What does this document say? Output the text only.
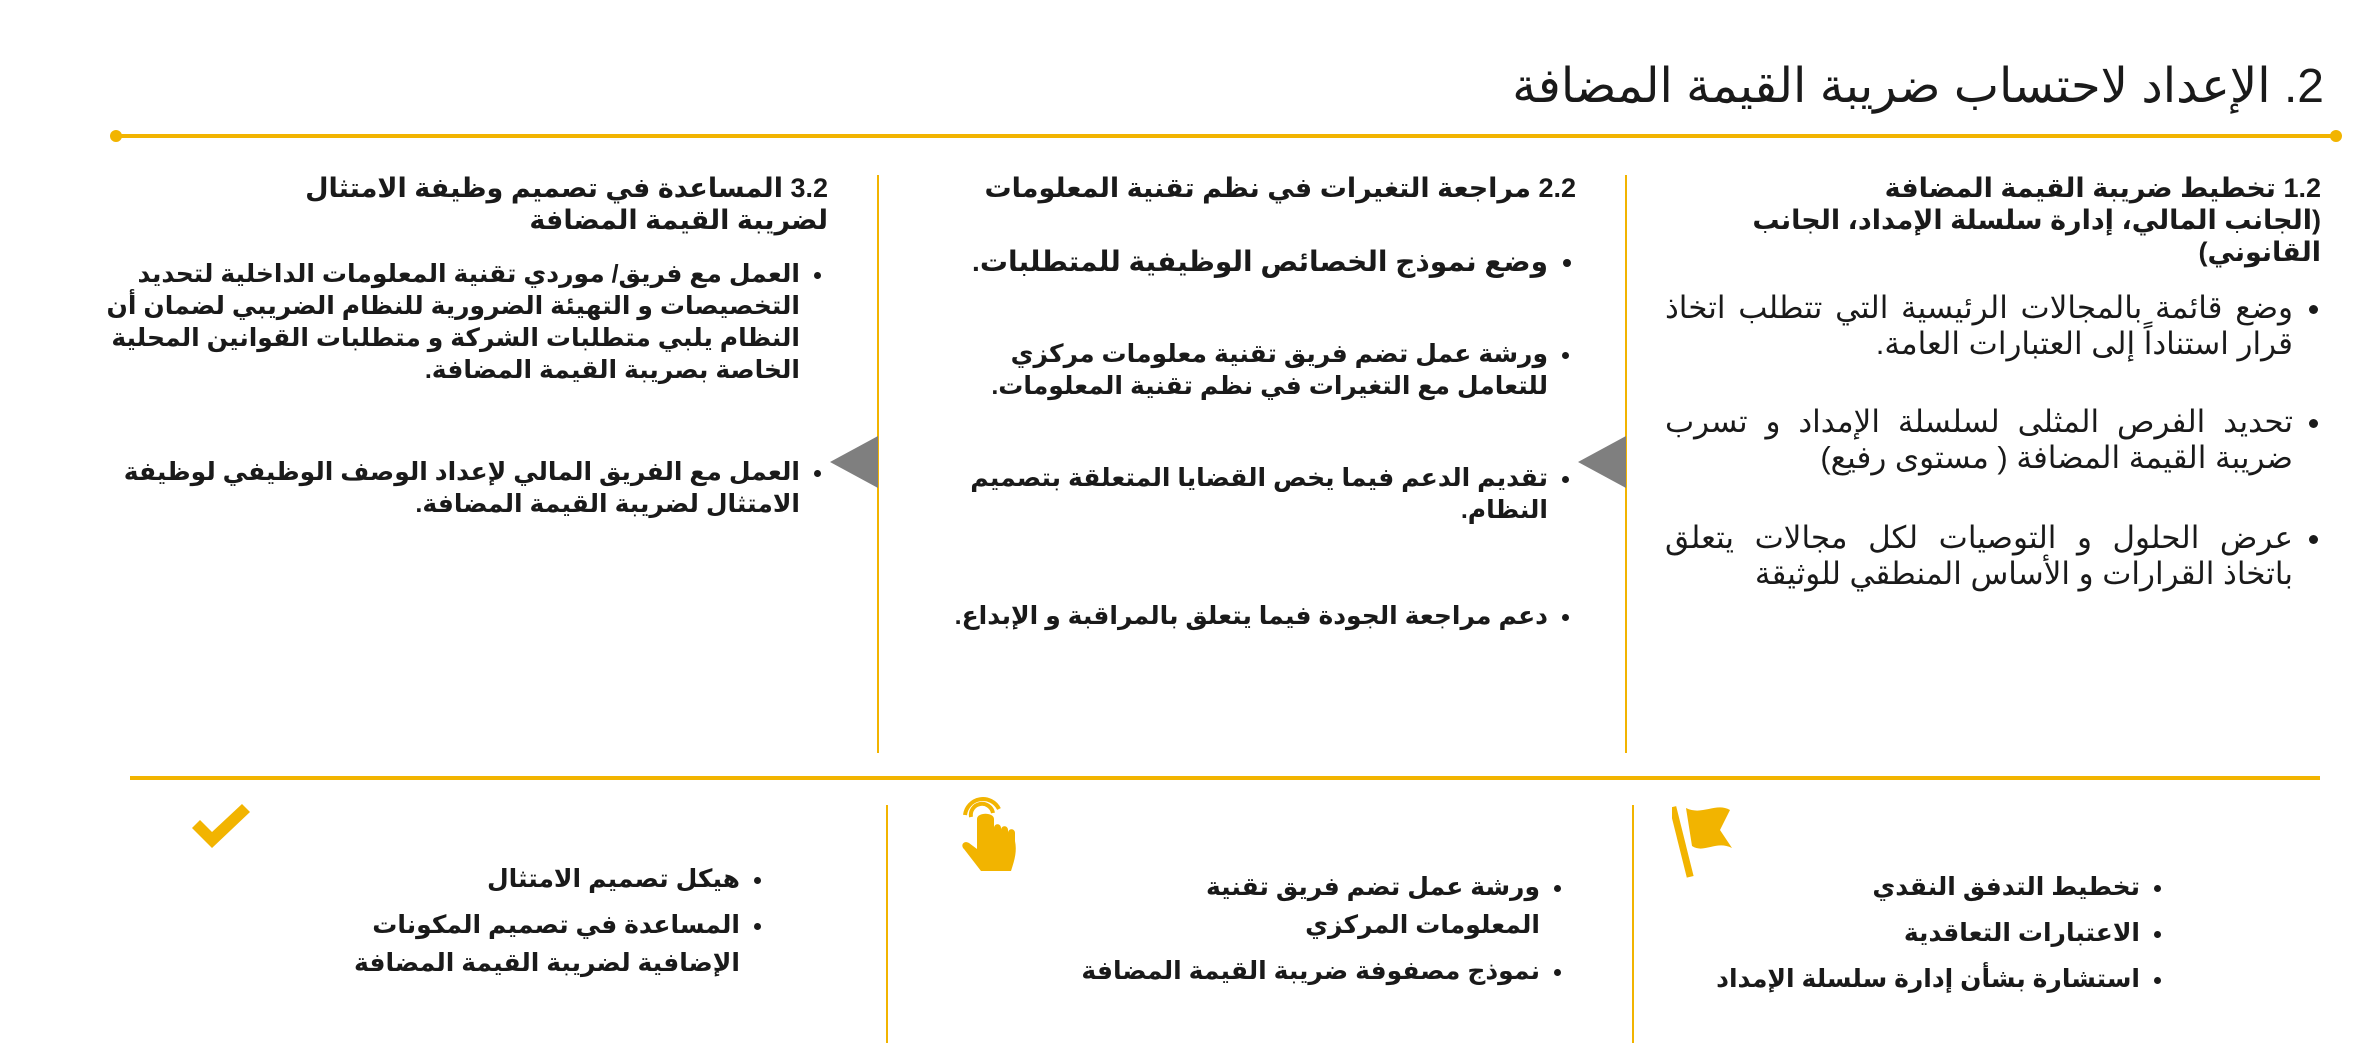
2. الإعداد لاحتساب ضريبة القيمة المضافة
1.2 تخطيط ضريبة القيمة المضافة
(الجانب المالي، إدارة سلسلة الإمداد، الجانب القانوني)
• وضع قائمة بالمجالات الرئيسية التي تتطلب اتخاذ قرار استناداً إلى العتبارات العامة.
• تحديد الفرص المثلى لسلسلة الإمداد و تسرب ضريبة القيمة المضافة ( مستوى رفيع)
• عرض الحلول و التوصيات لكل مجالات يتعلق باتخاذ القرارات و الأساس المنطقي للوثيقة
2.2 مراجعة التغيرات في نظم تقنية المعلومات
• وضع نموذج الخصائص الوظيفية للمتطلبات.
• ورشة عمل تضم فريق تقنية معلومات مركزي للتعامل مع التغيرات في نظم تقنية المعلومات.
• تقديم الدعم فيما يخص القضايا المتعلقة بتصميم النظام.
• دعم مراجعة الجودة فيما يتعلق بالمراقبة و الإبداع.
3.2 المساعدة في تصميم وظيفة الامتثال لضريبة القيمة المضافة
• العمل مع فريق/ موردي تقنية المعلومات الداخلية لتحديد التخصيصات و التهيئة الضرورية للنظام الضريبي لضمان أن النظام يلبي متطلبات الشركة و متطلبات القوانين المحلية الخاصة بصريبة القيمة المضافة.
• العمل مع الفريق المالي لإعداد الوصف الوظيفي لوظيفة الامتثال لضريبة القيمة المضافة.
• تخطيط التدفق النقدي
• الاعتبارات التعاقدية
• استشارة بشأن إدارة سلسلة الإمداد
• ورشة عمل تضم فريق تقنية المعلومات المركزي
• نموذج مصفوفة ضريبة القيمة المضافة
• هيكل تصميم الامتثال
• المساعدة في تصميم المكونات الإضافية لضريبة القيمة المضافة
